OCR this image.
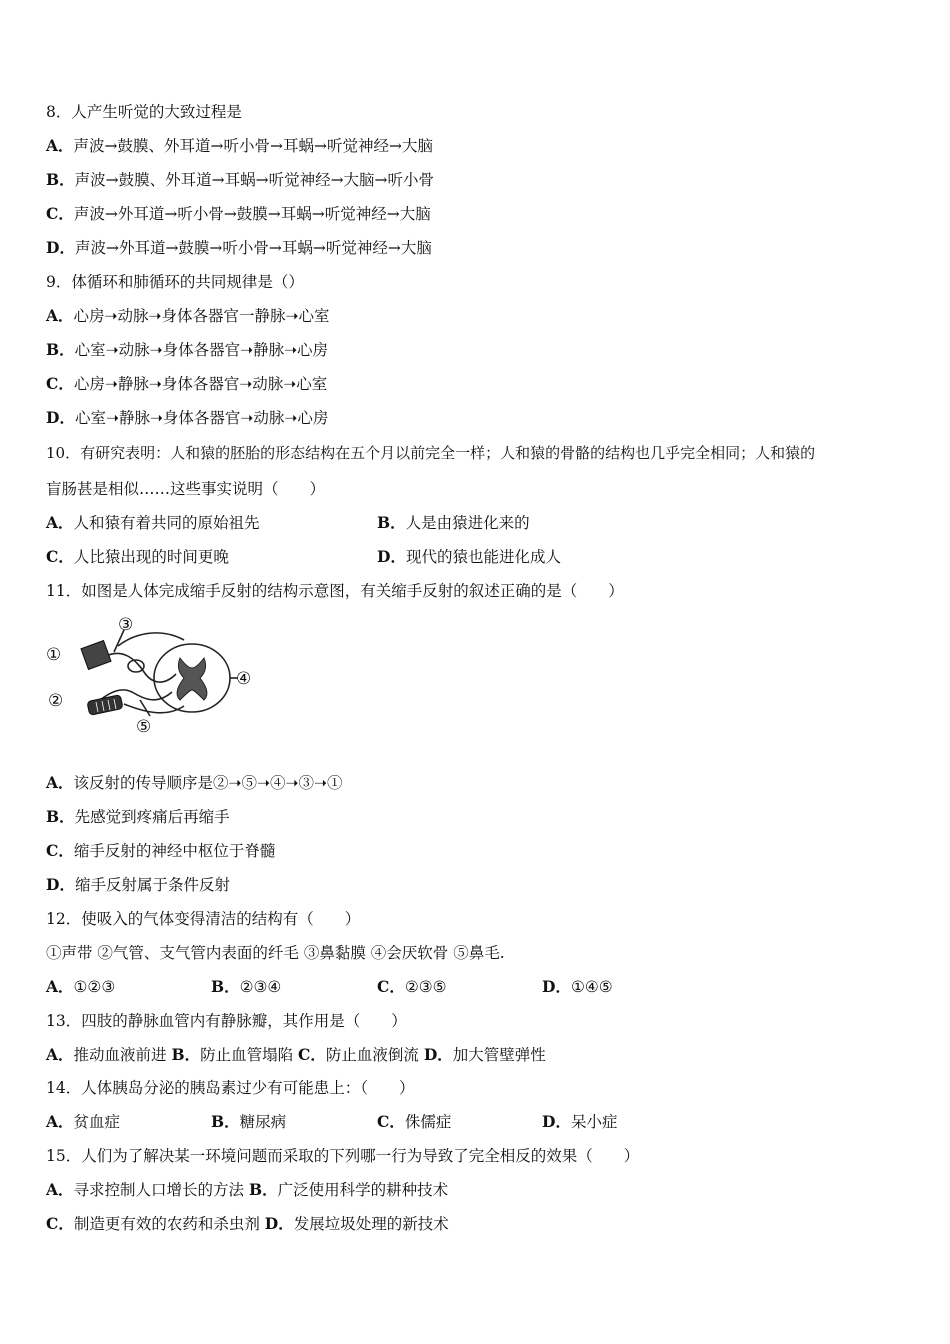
8．人产生听觉的大致过程是
A．声波→鼓膜、外耳道→听小骨→耳蜗→听觉神经→大脑
B．声波→鼓膜、外耳道→耳蜗→听觉神经→大脑→听小骨
C．声波→外耳道→听小骨→鼓膜→耳蜗→听觉神经→大脑
D．声波→外耳道→鼓膜→听小骨→耳蜗→听觉神经→大脑
9．体循环和肺循环的共同规律是（）
A．心房➝动脉➝身体各器官一静脉➝心室
B．心室➝动脉➝身体各器官➝静脉➝心房
C．心房➝静脉➝身体各器官➝动脉➝心室
D．心室➝静脉➝身体各器官➝动脉➝心房
10．有研究表明：人和猿的胚胎的形态结构在五个月以前完全一样；人和猿的骨骼的结构也几乎完全相同；人和猿的
盲肠甚是相似……这些事实说明（　　）
A．人和猿有着共同的原始祖先	B．人是由猿进化来的
C．人比猿出现的时间更晚	D．现代的猿也能进化成人
11．如图是人体完成缩手反射的结构示意图，有关缩手反射的叙述正确的是（　　）
①
②
③
④
⑤
A．该反射的传导顺序是②➝⑤➝④➝③➝①
B．先感觉到疼痛后再缩手
C．缩手反射的神经中枢位于脊髓
D．缩手反射属于条件反射
12．使吸入的气体变得清洁的结构有（　　）
①声带 ②气管、支气管内表面的纤毛 ③鼻黏膜 ④会厌软骨 ⑤鼻毛.
A．①②③	B．②③④	C．②③⑤	D．①④⑤
13．四肢的静脉血管内有静脉瓣，其作用是（　　）
A．推动血液前进 B．防止血管塌陷 C．防止血液倒流 D．加大管壁弹性
14．人体胰岛分泌的胰岛素过少有可能患上：（　　）
A．贫血症	B．糖尿病	C．侏儒症	D．呆小症
15．人们为了解决某一环境问题而采取的下列哪一行为导致了完全相反的效果（　　）
A．寻求控制人口增长的方法 B．广泛使用科学的耕种技术
C．制造更有效的农药和杀虫剂 D．发展垃圾处理的新技术
